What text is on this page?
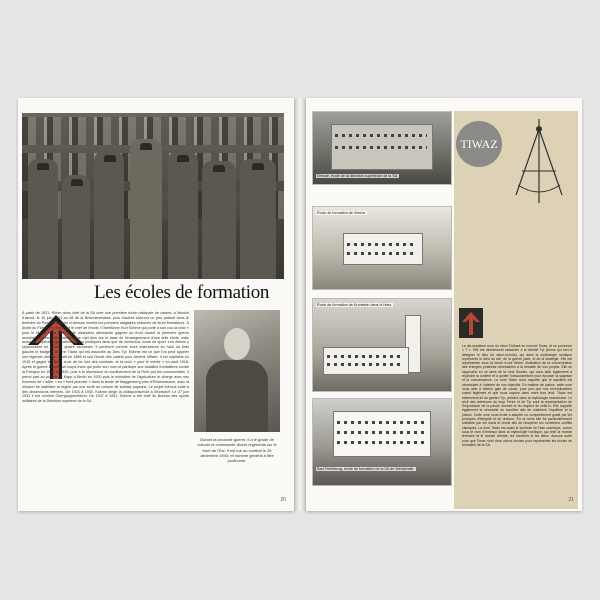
Les écoles de formation
À partir de 1931, Röhm alors chef de la SA crée une première école nationale de cadres, à Munich d'abord, le 15 juin 1931 au 48 de la Briennerstrasse, puis d'autres suivront un peu partout dans le territoire du Reich. La photo ci-dessus montre les premiers stagiaires entourés de leurs formateurs. À droite du Führer on reconnaît le chef de l'école, l'Oberführer Kurt Kühme qui porte à son cou la croix « pour le Mérite », la plus haute distinction allemande gagnée au front durant la première guerre mondiale. La formation idéologique met bien sûr la base de l'enseignement d'une telle école, mais aussi les aspects organisationnels ou juridiques ainsi que de nombreux cours de sport. Les élèves y séjournaient en général quatre semaines. Il pertinent comme leurs instructeurs en haut du bras gauche le badge à la rune Tiwaz qui est associée au Dieu Tyr. Kühme est ce que l'on peut appeler une légende vivante. Il naît en 1885 et suit l'école des cadets pour devenir officier. Il est capitaine en 1915 et gagne les deux croix de fer lors des combats, et la croix « pour le mérite » en août 1918. Après la guerre il fonde un corps franc qui porte son nom et participe aux batailles frontalières contre la Pologne en 1919 et 1920, puis à la répression du soulèvement de la Ruhr par les communistes. Il prend part au putsch de Kapp à Berlin en 1920 puis le ministère de l'agriculture le charge avec ses hommes de « lutter » en « front pionnier » dans la lande de Maggenberg près d'Ehlershausen, avec la mission de stabiliser la région par une sorte de colonie de soldats paysans. Le projet échoue suite à des dissensions internes. De 1923 à 1930, Kühme dirige la völkisportschule à Wünsdorf. Le 27 juin 1933 il est nommé Obergruppenführer. De 1937 à 1941, Kühme a été chef du Bureau des sports militaires de la Direction suprême de la SA.
Durant la seconde guerre, il a le grade de colonel et commande divers régiments sur le front de l'Est. Il est tué au combat le 26 décembre 1944, et nommé général à titre posthume.
20
Dresde, école de la direction supérieure de la SA.
École de formation de Vienne.
École de formation de Kronstein dans le Harz.
Bad Freilinburg, école de formation de la SA de Westphalie.
TIWAZ
Le dix-septième rune du vieux Futhark se nomme Tiwaz, et se prononce « T ». Elle est directement rattachée à la divinité Tyr (terme qui sert à désigner le dieu en vieux-norrois), qui dans la mythologie nordique représente le dieu du ciel, de la guerre juste, et de la stratégie. Elle est représentée sous la forme d'une flèche, illustration de la concentration des énergies positives nécessaires à la réussite de nos projets. Elle se rapproche en ce sens de la rune Sowelo, qui nous aide également à rejoindre la lumière et à quitter l'obscurantisme pour épouser la sagesse et la connaissance. La rune Tiwaz nous rappelle que le sacrifice est nécessaire à l'atteinte de nos objectifs. En matière de justice, cette rune nous aide à obtenir gain de cause, pour peu que nos revendications soient légitimes et que nous soyons dans notre bon droit. Tiwaz est intimement lié au garden Tyr, présent dans la mythologie scandinave. Le récit des aventures du loup Fenrir et de Tyr sont la représentation de l'importance de la parole donnée et du respect de celle-ci. Elle rappelle également la nécessité du sacrifice afin de maintenir l'équilibre et la justice. Cette rune nous invite à adopter un comportement guidé par les principes d'intégrité et de droiture. En ce sens elle fut particulièrement sollicitée par les nazis et choisi afin de récupérer les nombreux conflits claniques. La rune Tiwaz est aussi le symbole de l'axe cosmique, connu sous le nom d'Irminsul dans la mythologie nordique, qui relie la monde terrestre et le monde céleste, les hommes et les dieux. Aucune autre rune que Tiwaz n'est donc mieux choisie pour représenter les écoles de formation de la SA.
21
